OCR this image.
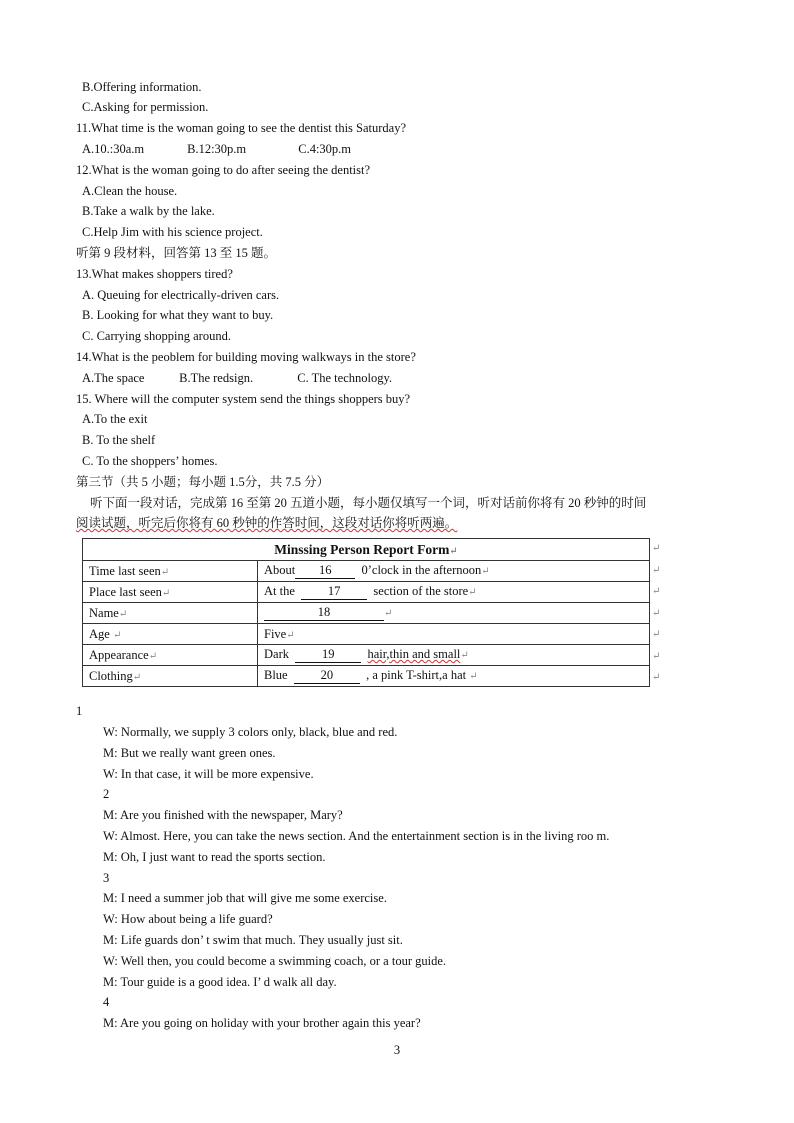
B.Offering information.
C.Asking for permission.
11.What time is the woman going to see the dentist this Saturday?
A.10.:30a.m	B.12:30p.m	C.4:30p.m
12.What is the woman going to do after seeing the dentist?
A.Clean the house.
B.Take a walk by the lake.
C.Help Jim with his science project.
听第 9 段材料，回答第 13 至 15 题。
13.What makes shoppers tired?
A. Queuing for electrically-driven cars.
B. Looking for what they want to buy.
C. Carrying shopping around.
14.What is the peoblem for building moving walkways in the store?
A.The space	B.The redsign.	C. The technology.
15. Where will the computer system send the things shoppers buy?
A.To the exit
B. To the shelf
C. To the shoppers’ homes.
第三节（共 5 小题；每小题 1.5分，共 7.5 分）
听下面一段对话，完成第 16 至第 20 五道小题，每小题仅填写一个词，听对话前你将有 20 秒钟的时间
阅读试题，听完后你将有 60 秒钟的作答时间，这段对话你将听两遍。
Minssing Person Report Form↵	
Time last seen↵	About 16 0’clock in the afternoon↵
Place last seen↵	At the 17 section of the store↵
Name↵	18 ↵
Age ↵	Five↵
Appearance↵	Dark 19 hair,thin and small↵
Clothing↵	Blue 20 , a pink T-shirt,a hat ↵
↵
↵
↵
↵
↵
↵
↵
1
W: Normally, we supply 3 colors only, black, blue and red.
M: But we really want green ones.
W: In that case, it will be more expensive.
2
M: Are you finished with the newspaper, Mary?
W: Almost. Here, you can take the news section. And the entertainment section is in the living roo m.
M: Oh, I just want to read the sports section.
3
M: I need a summer job that will give me some exercise.
W: How about being a life guard?
M: Life guards don’ t swim that much. They usually just sit.
W: Well then, you could become a swimming coach, or a tour guide.
M: Tour guide is a good idea. I’ d walk all day.
4
M: Are you going on holiday with your brother again this year?
3
